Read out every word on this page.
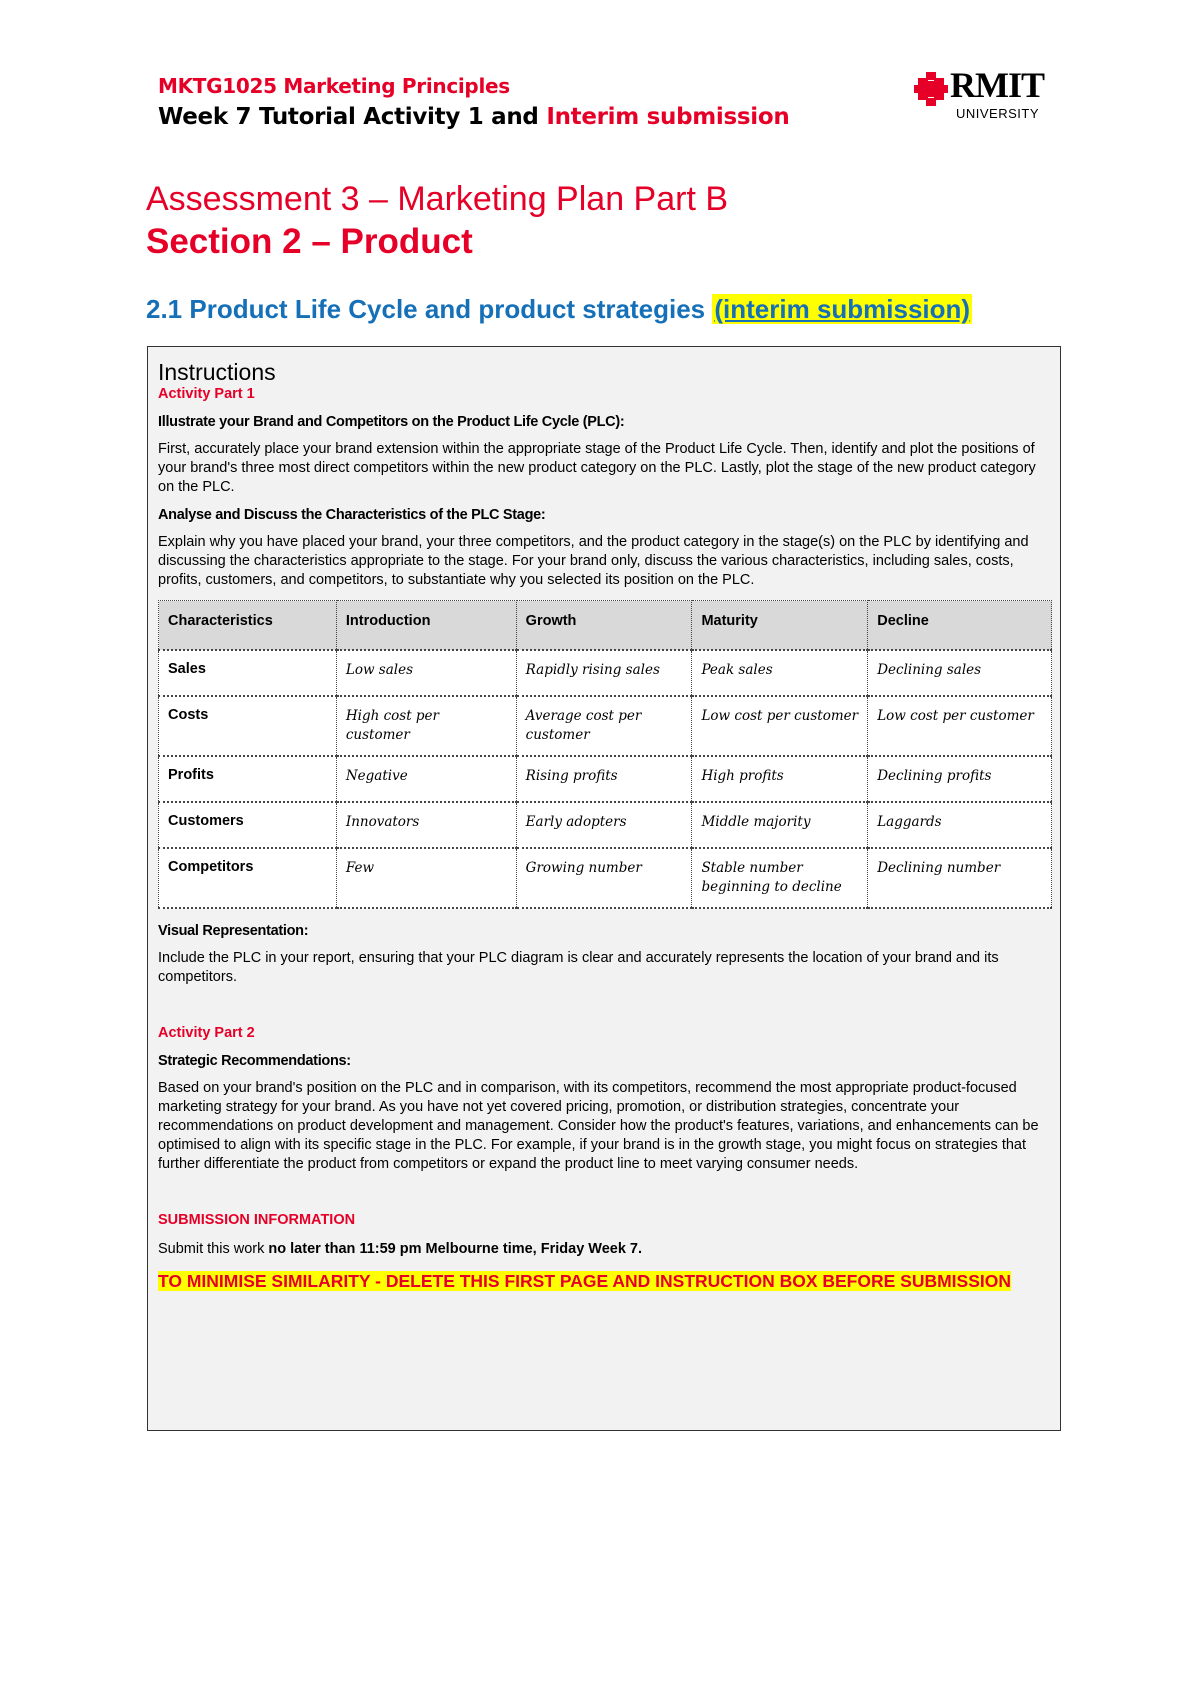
MKTG1025 Marketing Principles
Week 7 Tutorial Activity 1 and Interim submission
RMIT
UNIVERSITY
Assessment 3 – Marketing Plan Part B
Section 2 – Product
2.1 Product Life Cycle and product strategies (interim submission)

Instructions

Activity Part 1

Illustrate your Brand and Competitors on the Product Life Cycle (PLC):

First, accurately place your brand extension within the appropriate stage of the Product Life Cycle. Then, identify and plot the positions of your brand's three most direct competitors within the new product category on the PLC. Lastly, plot the stage of the new product category on the PLC.

Analyse and Discuss the Characteristics of the PLC Stage:

Explain why you have placed your brand, your three competitors, and the product category in the stage(s) on the PLC by identifying and discussing the characteristics appropriate to the stage. For your brand only, discuss the various characteristics, including sales, costs, profits, customers, and competitors, to substantiate why you selected its position on the PLC.

Characteristics	Introduction	Growth	Maturity	Decline
Sales	Low sales	Rapidly rising sales	Peak sales	Declining sales
Costs	High cost per customer	Average cost per customer	Low cost per customer	Low cost per customer
Profits	Negative	Rising profits	High profits	Declining profits
Customers	Innovators	Early adopters	Middle majority	Laggards
Competitors	Few	Growing number	Stable number beginning to decline	Declining number

Visual Representation:

Include the PLC in your report, ensuring that your PLC diagram is clear and accurately represents the location of your brand and its competitors.

Activity Part 2

Strategic Recommendations:

Based on your brand's position on the PLC and in comparison, with its competitors, recommend the most appropriate product-focused marketing strategy for your brand. As you have not yet covered pricing, promotion, or distribution strategies, concentrate your recommendations on product development and management. Consider how the product's features, variations, and enhancements can be optimised to align with its specific stage in the PLC. For example, if your brand is in the growth stage, you might focus on strategies that further differentiate the product from competitors or expand the product line to meet varying consumer needs.

SUBMISSION INFORMATION

Submit this work no later than 11:59 pm Melbourne time, Friday Week 7.

TO MINIMISE SIMILARITY - DELETE THIS FIRST PAGE AND INSTRUCTION BOX BEFORE SUBMISSION
